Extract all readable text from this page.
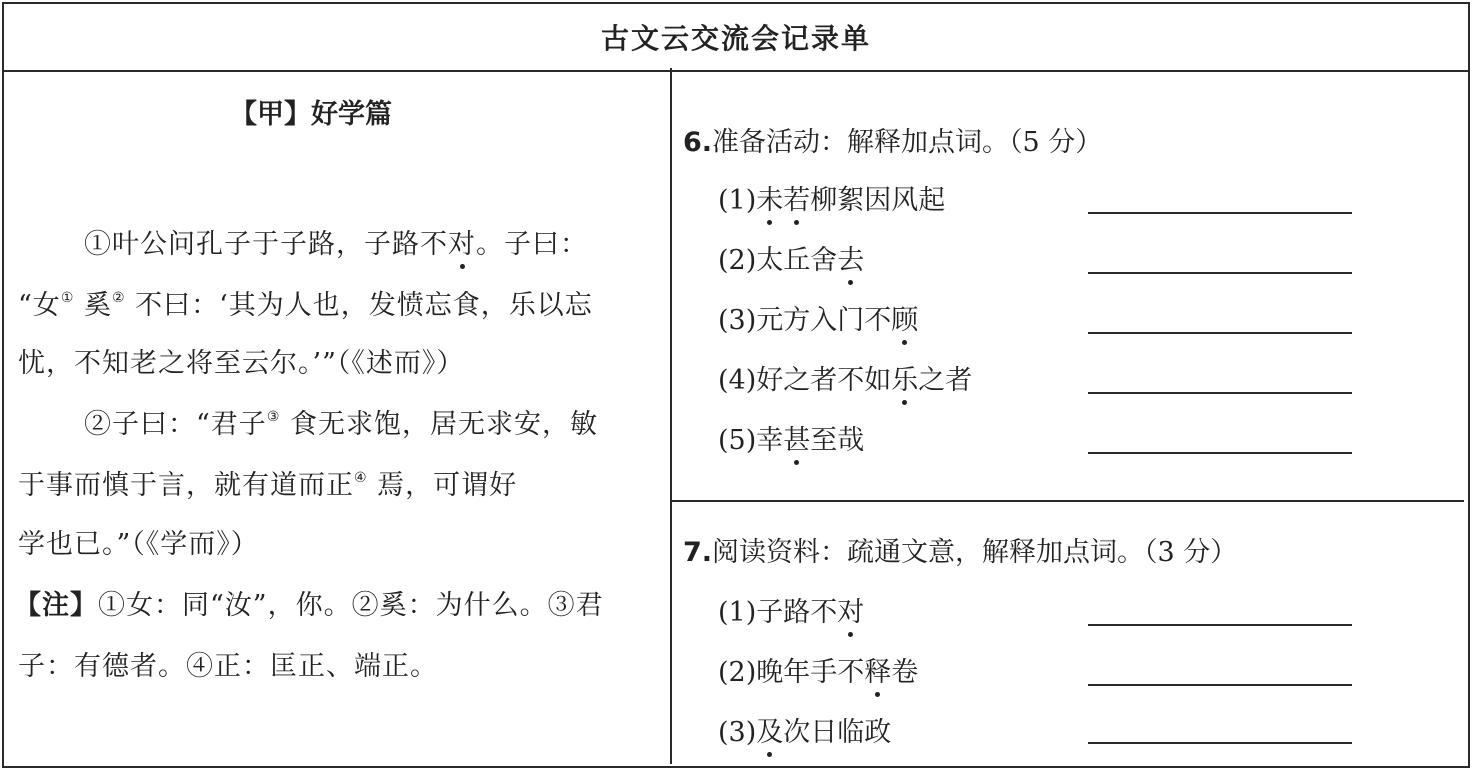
古文云交流会记录单
【甲】好学篇
①叶公问孔子于子路，子路不对。子曰：
“女① 奚② 不曰：‘其为人也，发愤忘食，乐以忘
忧，不知老之将至云尔。’”（《述而》）
②子曰：“君子③ 食无求饱，居无求安，敏
于事而慎于言，就有道而正④ 焉，可谓好
学也已。”（《学而》）
【注】①女：同“汝”，你。②奚：为什么。③君
子：有德者。④正：匡正、端正。
6.准备活动：解释加点词。（5 分）
(1)未若柳絮因风起
(2)太丘舍去
(3)元方入门不顾
(4)好之者不如乐之者
(5)幸甚至哉
7.阅读资料：疏通文意，解释加点词。（3 分）
(1)子路不对
(2)晚年手不释卷
(3)及次日临政
